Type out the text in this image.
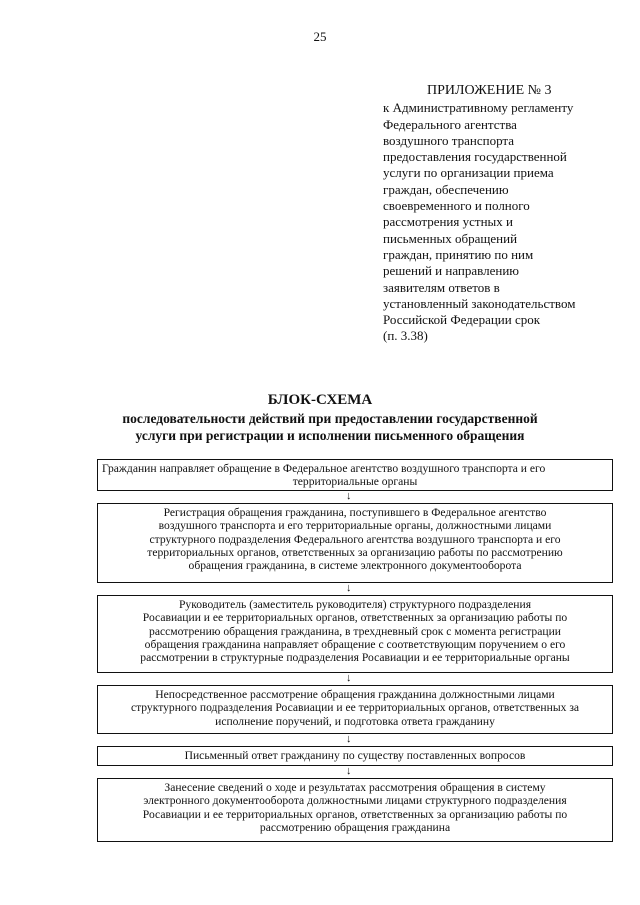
25
ПРИЛОЖЕНИЕ № 3
к Административному регламенту
Федерального агентства
воздушного транспорта
предоставления государственной
услуги по организации приема
граждан, обеспечению
своевременного и полного
рассмотрения устных и
письменных обращений
граждан, принятию по ним
решений и направлению
заявителям ответов в
установленный законодательством
Российской Федерации срок
(п. 3.38)
БЛОК-СХЕМА
последовательности действий при предоставлении государственной
услуги при регистрации и исполнении письменного обращения
Гражданин направляет обращение в Федеральное агентство воздушного транспорта и его
территориальные органы
↓
Регистрация обращения гражданина, поступившего в Федеральное агентство
воздушного транспорта и его территориальные органы, должностными лицами
структурного подразделения Федерального агентства воздушного транспорта и его
территориальных органов, ответственных за организацию работы по рассмотрению
обращения гражданина, в системе электронного документооборота
↓
Руководитель (заместитель руководителя) структурного подразделения
Росавиации и ее территориальных органов, ответственных за организацию работы по
рассмотрению обращения гражданина, в трехдневный срок с момента регистрации
обращения гражданина направляет обращение с соответствующим поручением о его
рассмотрении в структурные подразделения Росавиации и ее территориальные органы
↓
Непосредственное рассмотрение обращения гражданина должностными лицами
структурного подразделения Росавиации и ее территориальных органов, ответственных за
исполнение поручений, и подготовка ответа гражданину
↓
Письменный ответ гражданину по существу поставленных вопросов
↓
Занесение сведений о ходе и результатах рассмотрения обращения в систему
электронного документооборота должностными лицами структурного подразделения
Росавиации и ее территориальных органов, ответственных за организацию работы по
рассмотрению обращения гражданина
